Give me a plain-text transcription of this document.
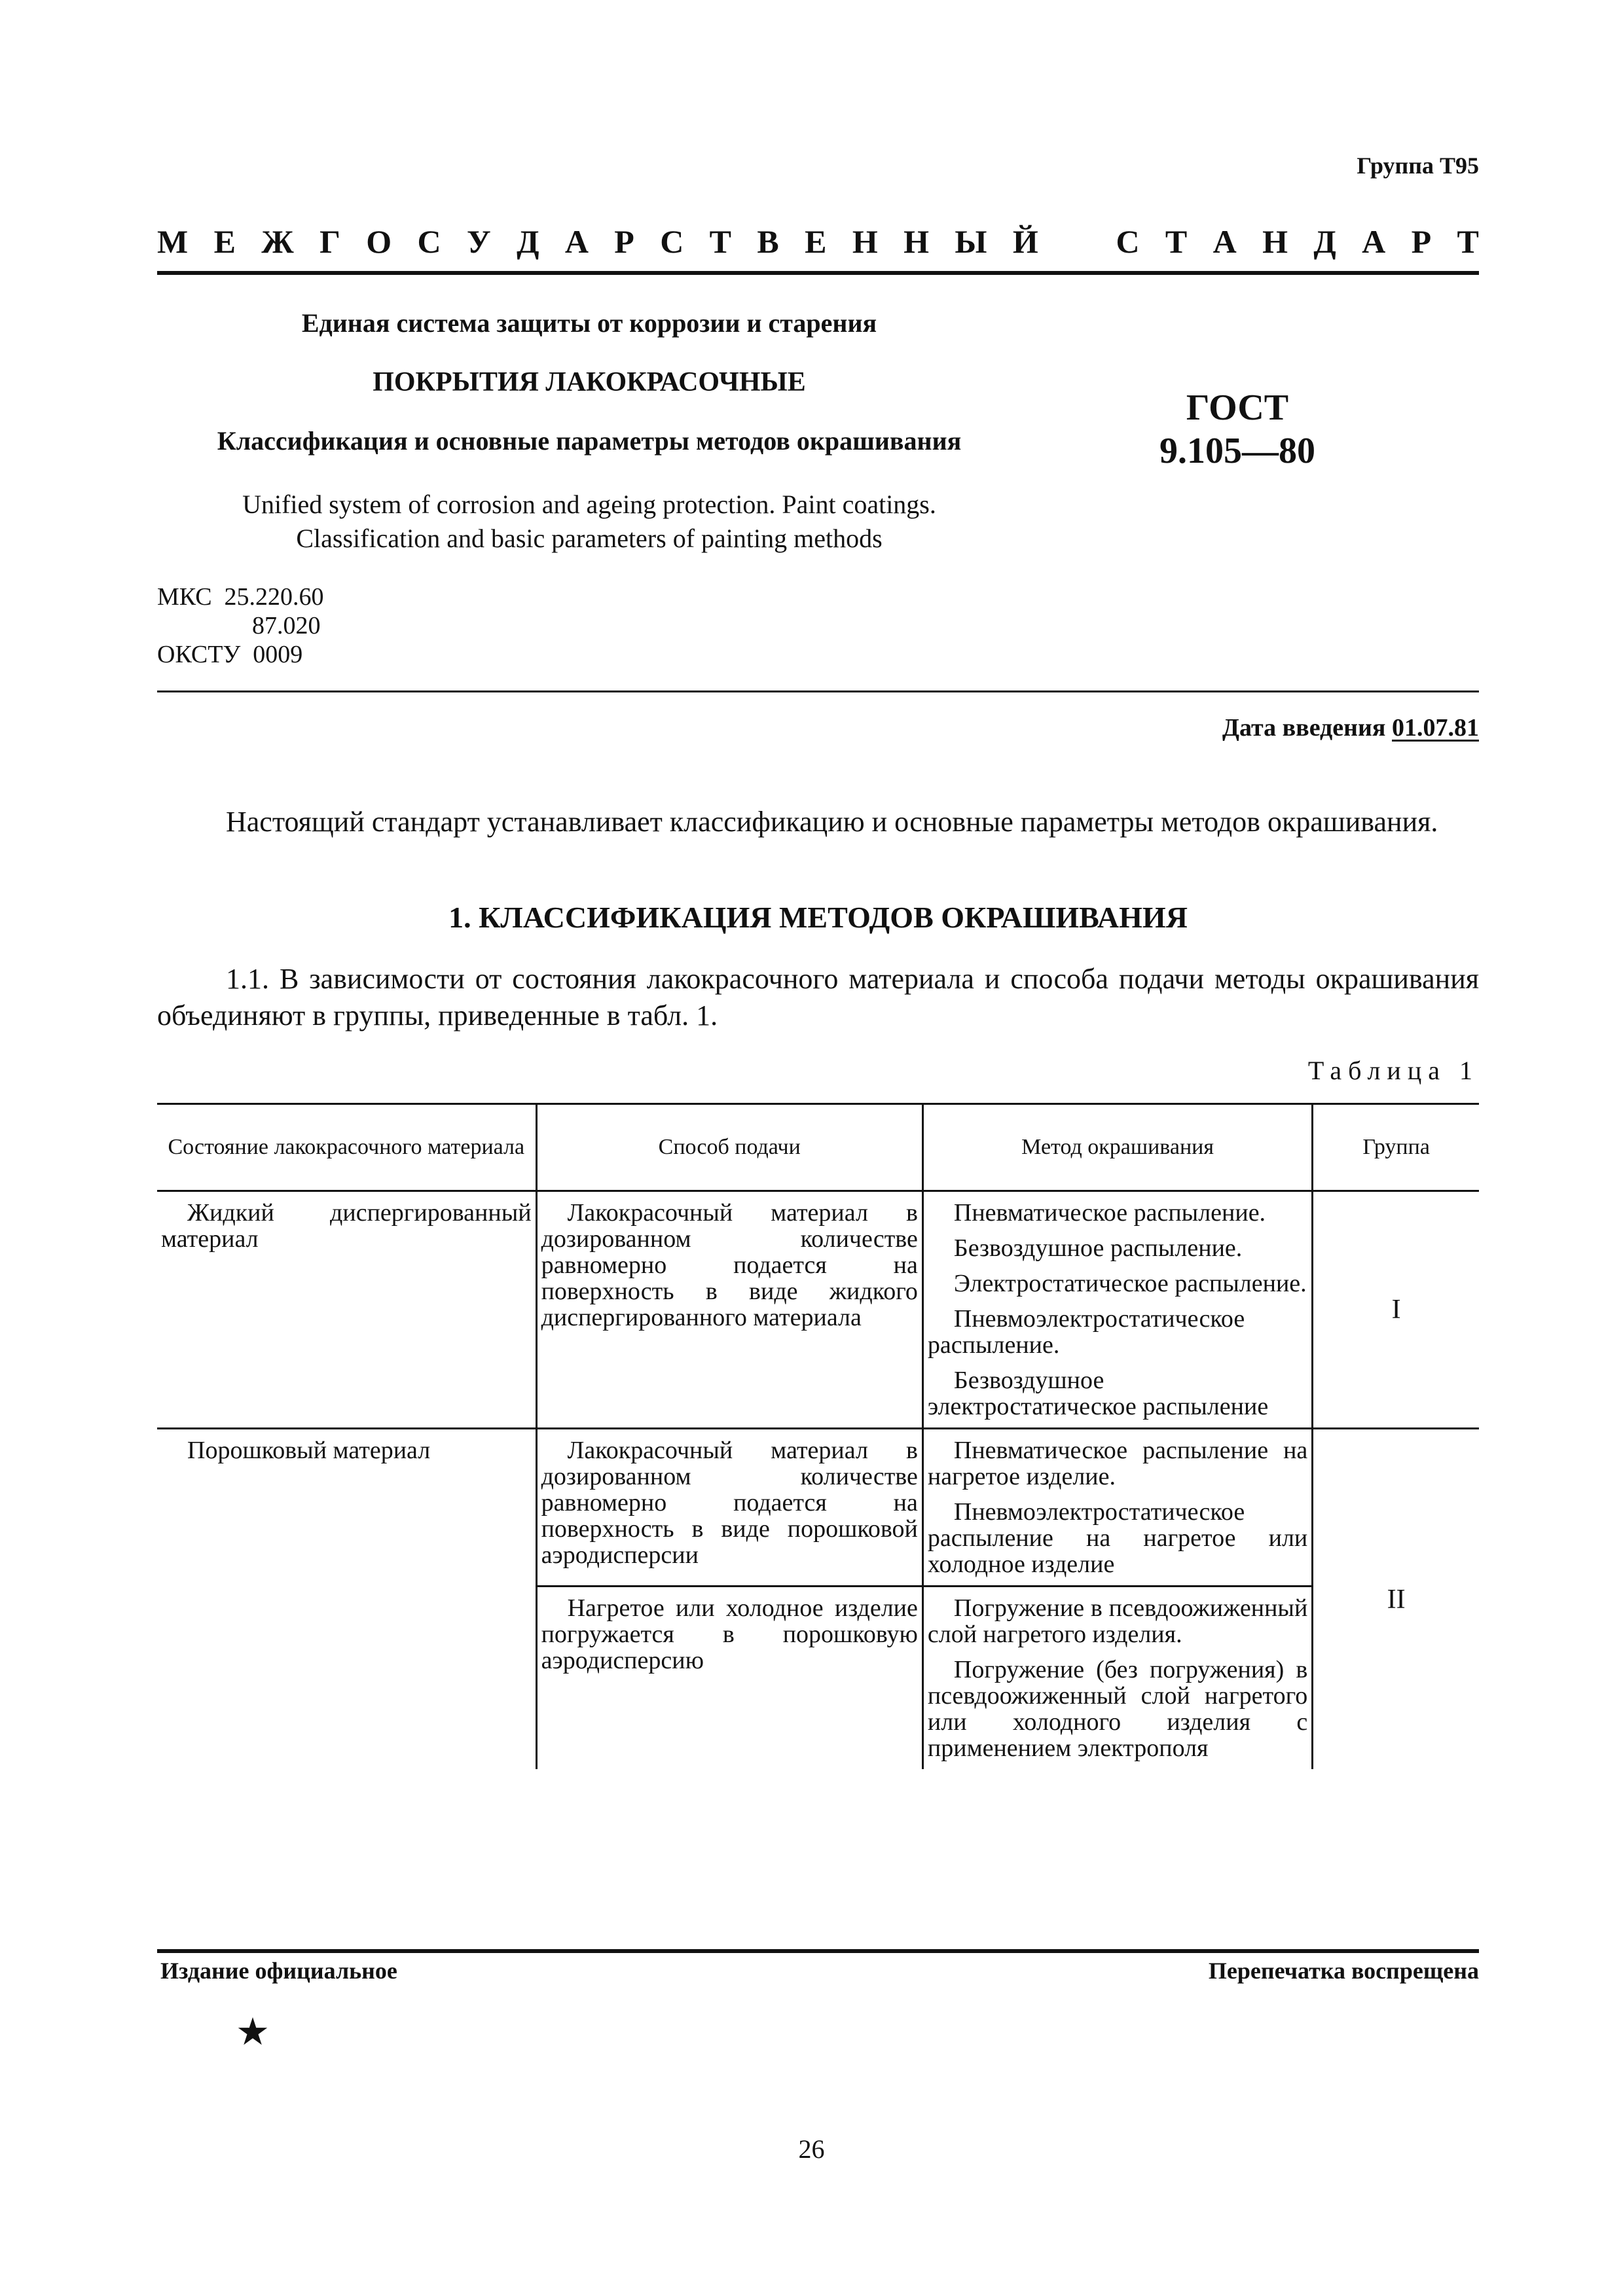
Группа Т95
М Е Ж Г О С У Д А Р С Т В Е Н Н Ы Й С Т А Н Д А Р Т
Единая система защиты от коррозии и старения
ПОКРЫТИЯ ЛАКОКРАСОЧНЫЕ
Классификация и основные параметры методов окрашивания
Unified system of corrosion and ageing protection. Paint coatings.
Classification and basic parameters of painting methods
ГОСТ
9.105—80
МКС  25.220.60
87.020
ОКСТУ  0009
Дата введения 01.07.81
Настоящий стандарт устанавливает классификацию и основные параметры методов окрашивания.
1. КЛАССИФИКАЦИЯ МЕТОДОВ ОКРАШИВАНИЯ
1.1. В зависимости от состояния лакокрасочного материала и способа подачи методы окрашивания объединяют в группы, приведенные в табл. 1.
Таблица 1
Состояние лакокрасочного материала	Способ подачи	Метод окрашивания	Группа
Жидкий диспергированный материал	Лакокрасочный материал в дозированном количестве равномерно подается на поверхность в виде жидкого диспергированного материала	Пневматическое распыление.

Безвоздушное распыление.

Электростатическое распыление.

Пневмоэлектростатическое распыление.

Безвоздушное электростатическое распыление	I
Порошковый материал	Лакокрасочный материал в дозированном количестве равномерно подается на поверхность в виде порошковой аэродисперсии	Пневматическое распыление на нагретое изделие.

Пневмоэлектростатическое распыление на нагретое или холодное изделие	II

	Нагретое или холодное изделие погружается в порошковую аэродисперсию	Погружение в псевдоожиженный слой нагретого изделия.

Погружение (без погружения) в псевдоожиженный слой нагретого или холодного изделия с применением электрополя	

Издание официальное	Перепечатка воспрещена
★
26
